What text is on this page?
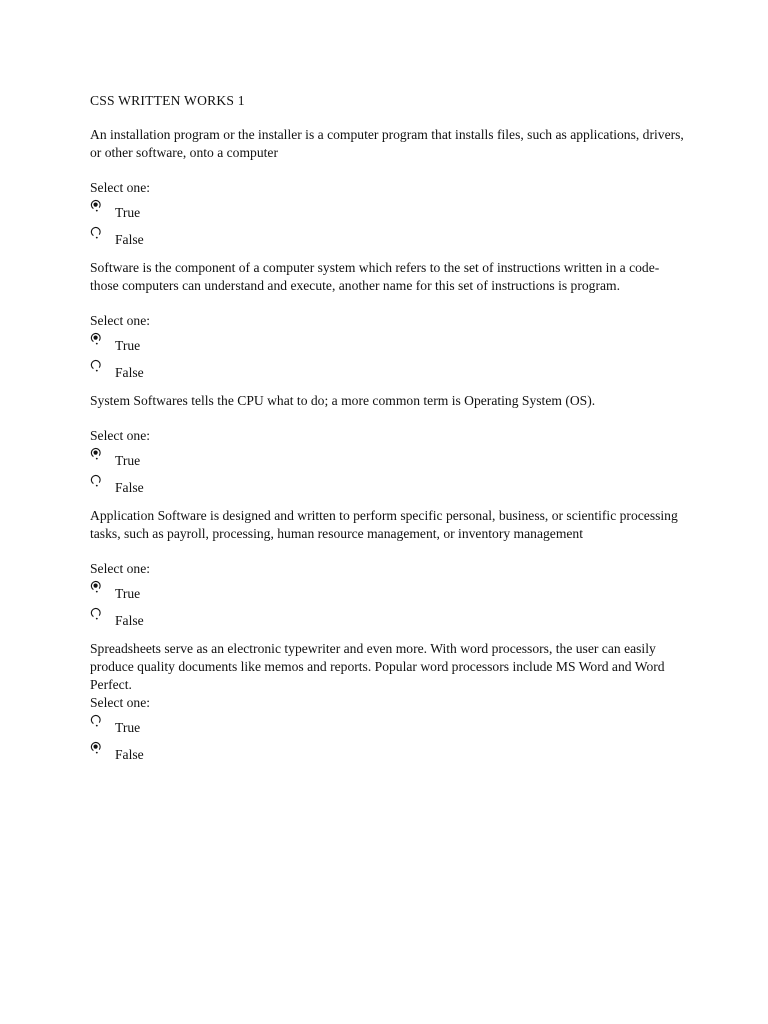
CSS WRITTEN WORKS 1

An installation program or the installer is a computer program that installs files, such as applications, drivers, or other software, onto a computer

Select one:

True
False

Software is the component of a computer system which refers to the set of instructions written in a code-those computers can understand and execute, another name for this set of instructions is program.

Select one:

True
False

System Softwares tells the CPU what to do; a more common term is Operating System (OS).

Select one:

True
False

Application Software is designed and written to perform specific personal, business, or scientific processing tasks, such as payroll, processing, human resource management, or inventory management

Select one:

True
False

Spreadsheets serve as an electronic typewriter and even more. With word processors, the user can easily produce quality documents like memos and reports. Popular word processors include MS Word and Word Perfect.

Select one:

True
False
